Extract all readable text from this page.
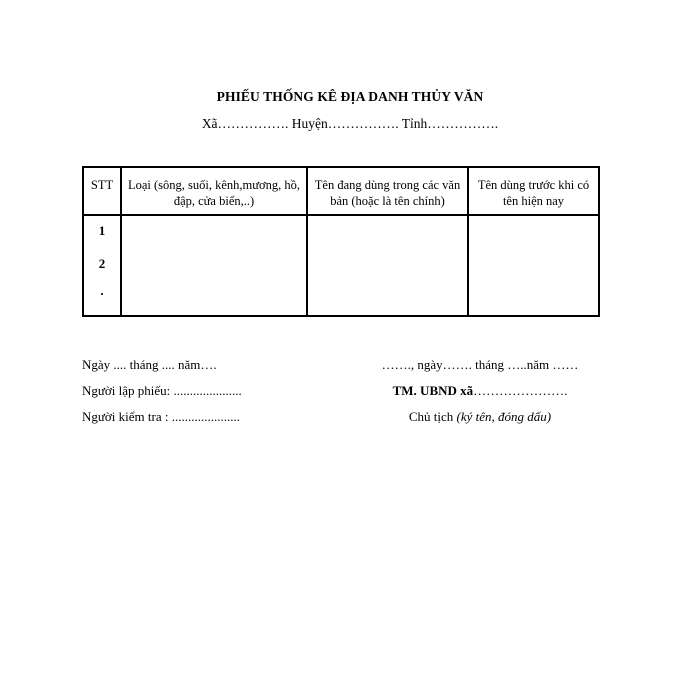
PHIẾU THỐNG KÊ ĐỊA DANH THỦY VĂN
Xã……………. Huyện……………. Tỉnh…………….
STT	Loại (sông, suối, kênh,mương, hồ, đập, cửa biển,..)	Tên đang dùng trong các văn bản (hoặc là tên chính)	Tên dùng trước khi có tên hiện nay

1
2
.			

Ngày .... tháng .... năm….
Người lập phiếu: .....................
Người kiểm tra : .....................
……., ngày……. tháng …..năm ……
TM. UBND xã………………….
Chủ tịch (ký tên, đóng dấu)
